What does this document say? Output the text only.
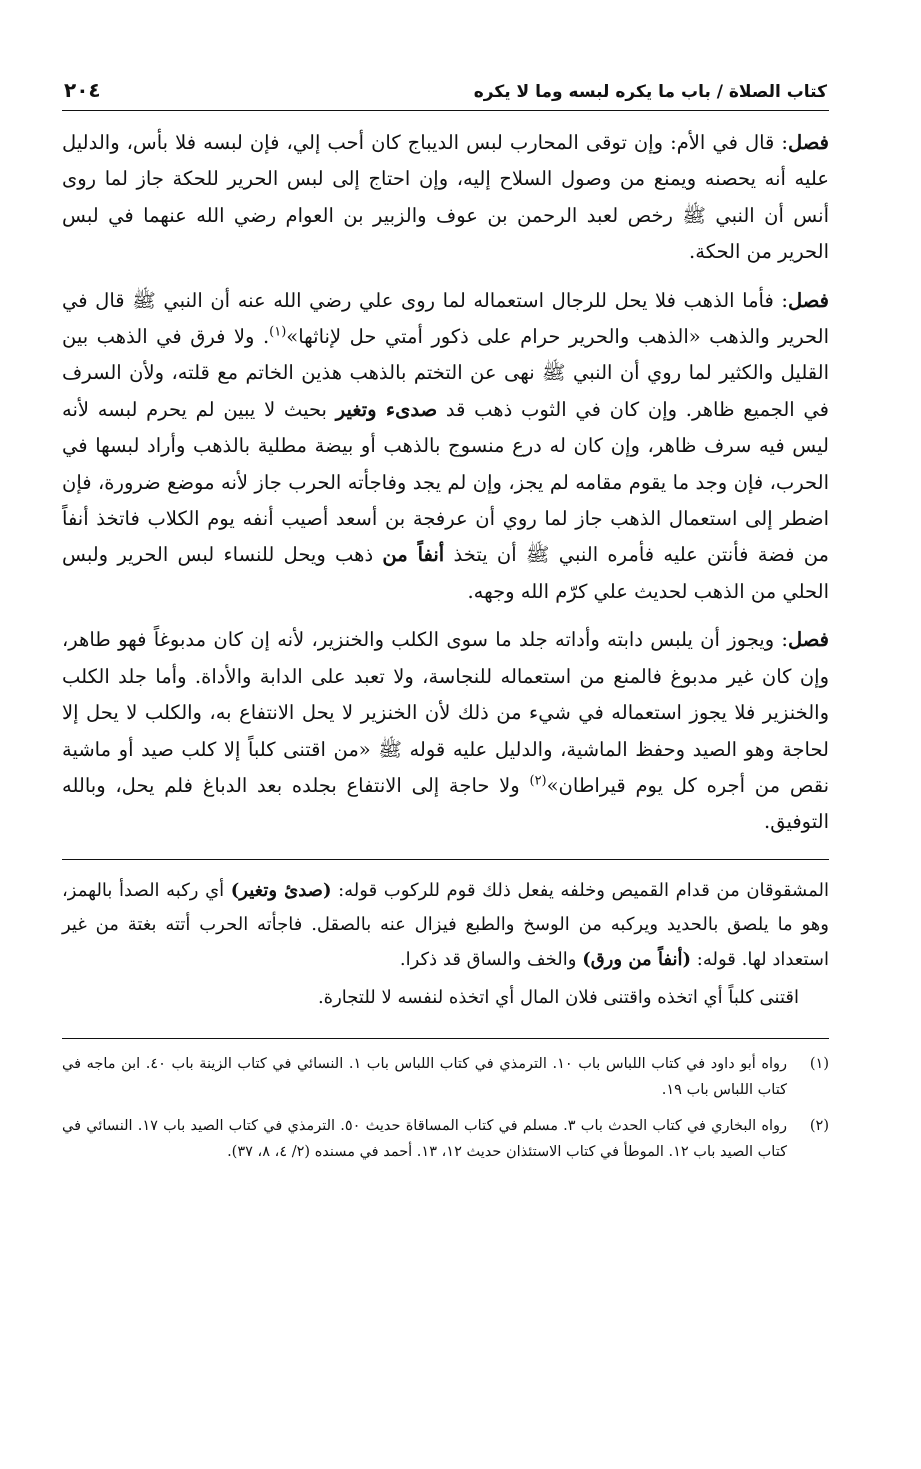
كتاب الصلاة / باب ما يكره لبسه وما لا يكره
٢٠٤

فصل: قال في الأم: وإن توقى المحارب لبس الديباج كان أحب إلي، فإن لبسه فلا بأس، والدليل عليه أنه يحصنه ويمنع من وصول السلاح إليه، وإن احتاج إلى لبس الحرير للحكة جاز لما روى أنس أن النبي ﷺ رخص لعبد الرحمن بن عوف والزبير بن العوام رضي الله عنهما في لبس الحرير من الحكة.

فصل: فأما الذهب فلا يحل للرجال استعماله لما روى علي رضي الله عنه أن النبي ﷺ قال في الحرير والذهب «الذهب والحرير حرام على ذكور أمتي حل لإناثها»$^{(١)}$. ولا فرق في الذهب بين القليل والكثير لما روي أن النبي ﷺ نهى عن التختم بالذهب هذين الخاتم مع قلته، ولأن السرف في الجميع ظاهر. وإن كان في الثوب ذهب قد صدىء وتغير بحيث لا يبين لم يحرم لبسه لأنه ليس فيه سرف ظاهر، وإن كان له درع منسوج بالذهب أو بيضة مطلية بالذهب وأراد لبسها في الحرب، فإن وجد ما يقوم مقامه لم يجز، وإن لم يجد وفاجأته الحرب جاز لأنه موضع ضرورة، فإن اضطر إلى استعمال الذهب جاز لما روي أن عرفجة بن أسعد أصيب أنفه يوم الكلاب فاتخذ أنفاً من فضة فأنتن عليه فأمره النبي ﷺ أن يتخذ أنفاً من ذهب ويحل للنساء لبس الحرير ولبس الحلي من الذهب لحديث علي كرّم الله وجهه.

فصل: ويجوز أن يلبس دابته وأداته جلد ما سوى الكلب والخنزير، لأنه إن كان مدبوغاً فهو طاهر، وإن كان غير مدبوغ فالمنع من استعماله للنجاسة، ولا تعبد على الدابة والأداة. وأما جلد الكلب والخنزير فلا يجوز استعماله في شيء من ذلك لأن الخنزير لا يحل الانتفاع به، والكلب لا يحل إلا لحاجة وهو الصيد وحفظ الماشية، والدليل عليه قوله ﷺ «من اقتنى كلباً إلا كلب صيد أو ماشية نقص من أجره كل يوم قيراطان»$^{(٢)}$ ولا حاجة إلى الانتفاع بجلده بعد الدباغ فلم يحل، وبالله التوفيق.

المشقوقان من قدام القميص وخلفه يفعل ذلك قوم للركوب قوله: (صدئ وتغير) أي ركبه الصدأ بالهمز، وهو ما يلصق بالحديد ويركبه من الوسخ والطبع فيزال عنه بالصقل. فاجأته الحرب أتته بغتة من غير استعداد لها. قوله: (أنفاً من ورق) والخف والساق قد ذكرا.

اقتنى كلباً أي اتخذه واقتنى فلان المال أي اتخذه لنفسه لا للتجارة.

(١)
رواه أبو داود في كتاب اللباس باب ١٠. الترمذي في كتاب اللباس باب ١. النسائي في كتاب الزينة باب ٤٠. ابن ماجه في كتاب اللباس باب ١٩.
(٢)
رواه البخاري في كتاب الحدث باب ٣. مسلم في كتاب المساقاة حديث ٥٠. الترمذي في كتاب الصيد باب ١٧. النسائي في كتاب الصيد باب ١٢. الموطأ في كتاب الاستئذان حديث ١٢، ١٣. أحمد في مسنده (٢/ ٤، ٨، ٣٧).
